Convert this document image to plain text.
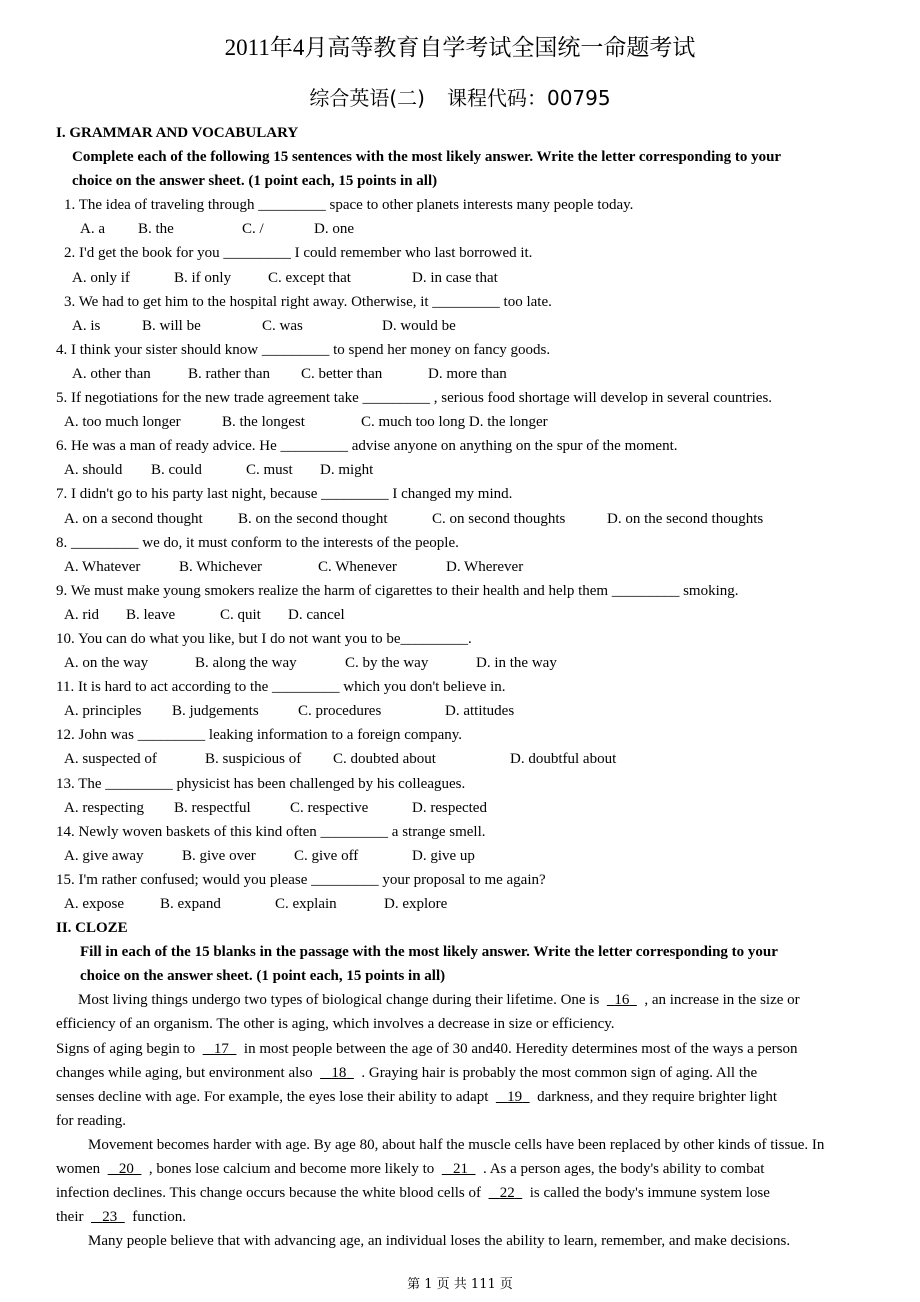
2011年4月高等教育自学考试全国统一命题考试
综合英语(二) 课程代码：00795
I. GRAMMAR AND VOCABULARY
Complete each of the following 15 sentences with the most likely answer. Write the letter corresponding to your
choice on the answer sheet. (1 point each, 15 points in all)
1. The idea of traveling through _________ space to other planets interests many people today.
A. a B. the	C. /	D. one
2. I'd get the book for you _________ I could remember who last borrowed it.
A. only if	B. if only C. except that	D. in case that
3. We had to get him to the hospital right away. Otherwise, it _________ too late.
A. is	B. will be	C. was	D. would be
4. I think your sister should know _________ to spend her money on fancy goods.
A. other than B. rather than C. better than	D. more than
5. If negotiations for the new trade agreement take _________ , serious food shortage will develop in several countries.
A. too much longer	B. the longest	C. much too long D. the longer
6. He was a man of ready advice. He _________ advise anyone on anything on the spur of the moment.
A. should B. could	C. must D. might
7. I didn't go to his party last night, because _________ I changed my mind.
A. on a second thought B. on the second thought	C. on second thoughts	D. on the second thoughts
8. _________ we do, it must conform to the interests of the people.
A. Whatever	B. Whichever	C. Whenever	D. Wherever
9. We must make young smokers realize the harm of cigarettes to their health and help them _________ smoking.
A. rid B. leave	C. quit D. cancel
10. You can do what you like, but I do not want you to be_________.
A. on the way	B. along the way	C. by the way	D. in the way
11. It is hard to act according to the _________ which you don't believe in.
A. principles B. judgements	C. procedures	D. attitudes
12. John was _________ leaking information to a foreign company.
A. suspected of	B. suspicious of C. doubted about	D. doubtful about
13. The _________ physicist has been challenged by his colleagues.
A. respecting B. respectful	C. respective	D. respected
14. Newly woven baskets of this kind often _________ a strange smell.
A. give away	B. give over	C. give off	D. give up
15. I'm rather confused; would you please _________ your proposal to me again?
A. expose B. expand	C. explain	D. explore
II. CLOZE
Fill in each of the 15 blanks in the passage with the most likely answer. Write the letter corresponding to your
choice on the answer sheet. (1 point each, 15 points in all)
Most living things undergo two types of biological change during their lifetime. One is 16 , an increase in the size or
efficiency of an organism. The other is aging, which involves a decrease in size or efficiency.
Signs of aging begin to 17 in most people between the age of 30 and40. Heredity determines most of the ways a person
changes while aging, but environment also 18 . Graying hair is probably the most common sign of aging. All the
senses decline with age. For example, the eyes lose their ability to adapt 19 darkness, and they require brighter light
for reading.
Movement becomes harder with age. By age 80, about half the muscle cells have been replaced by other kinds of tissue. In
women 20 , bones lose calcium and become more likely to 21 . As a person ages, the body's ability to combat
infection declines. This change occurs because the white blood cells of 22 is called the body's immune system lose
their 23 function.
Many people believe that with advancing age, an individual loses the ability to learn, remember, and make decisions.
第 1 页 共 111 页
